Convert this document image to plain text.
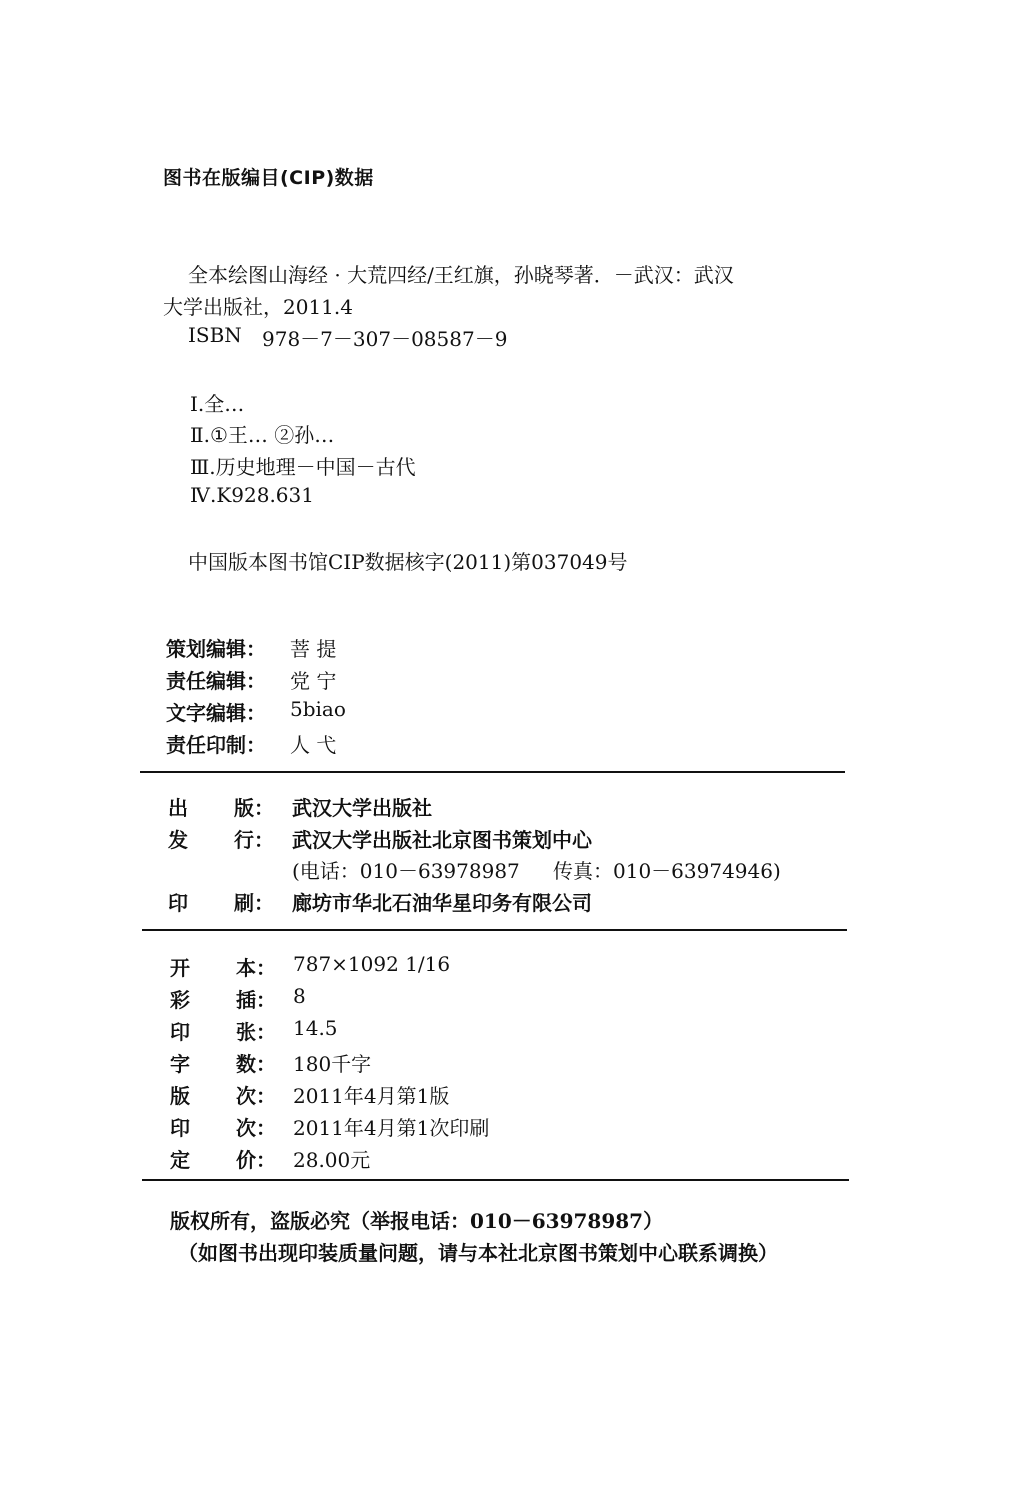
图书在版编目(CIP)数据
全本绘图山海经 · 大荒四经/王红旗，孙晓琴著．－武汉：武汉
大学出版社，2011.4
ISBN 978－7－307－08587－9
Ⅰ.全…
Ⅱ.①王… ②孙…
Ⅲ.历史地理－中国－古代
Ⅳ.K928.631
中国版本图书馆CIP数据核字(2011)第037049号
策划编辑： 菩 提
责任编辑： 党 宁
文字编辑： 5biao
责任印制： 人 弋
出 版： 武汉大学出版社
发 行： 武汉大学出版社北京图书策划中心
(电话：010－63978987 传真：010－63974946)
印 刷： 廊坊市华北石油华星印务有限公司
开 本： 787×1092 1/16
彩 插： 8
印 张： 14.5
字 数： 180千字
版 次： 2011年4月第1版
印 次： 2011年4月第1次印刷
定 价： 28.00元
版权所有，盗版必究（举报电话：010－63978987）
（如图书出现印装质量问题，请与本社北京图书策划中心联系调换）
